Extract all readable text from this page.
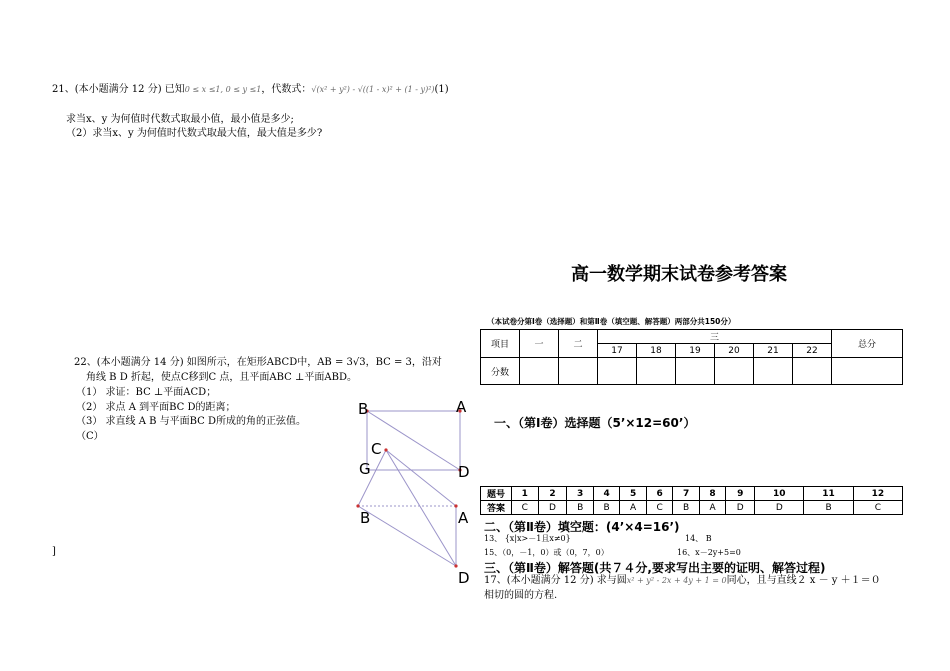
21、(本小题满分 12 分) 已知0 ≤ x ≤1, 0 ≤ y ≤1，代数式：√(x² + y²) - √((1 - x)² + (1 - y)²)(1)
求当x、y 为何值时代数式取最小值，最小值是多少;
（2）求当x、y 为何值时代数式取最大值，最大值是多少?
22、(本小题满分 14 分) 如图所示，在矩形ABCD中，AB = 3√3，BC = 3，沿对
角线 B D 折起，使点C移到C 点，且平面ABC ⊥平面ABD。
（1） 求证：BC ⊥平面ACD；
（2） 求点 A 到平面BC D的距离；
（3） 求直线 A B 与平面BC D所成的角的正弦值。
（C）
]
B	A
C
G	D
B	A
D
高一数学期末试卷参考答案
（本试卷分第Ⅰ卷（选择题）和第Ⅱ卷（填空题、解答题）两部分共150分）
项目	一	二	三						总分
			17	18	19	20	21	22	
分数									
一、（第Ⅰ卷）选择题（5’×12=60’）
题号	1	2	3	4	5	6	7	8	9	10	11	12
答案	C	D	B	B	A	C	B	A	D	D	B	C
二、（第Ⅱ卷）填空题：(4’×4=16’)
13、 {x|x>－1且x≠0}	14、 B
15、（0，－1，0）或（0，7，0）	16、x－2y+5=0
三、（第Ⅱ卷）解答题(共７４分,要求写出主要的证明、解答过程)
17、(本小题满分 12 分) 求与圆x² + y² - 2x + 4y + 1 = 0同心，且与直线２ x － y ＋１＝０
相切的圆的方程.
